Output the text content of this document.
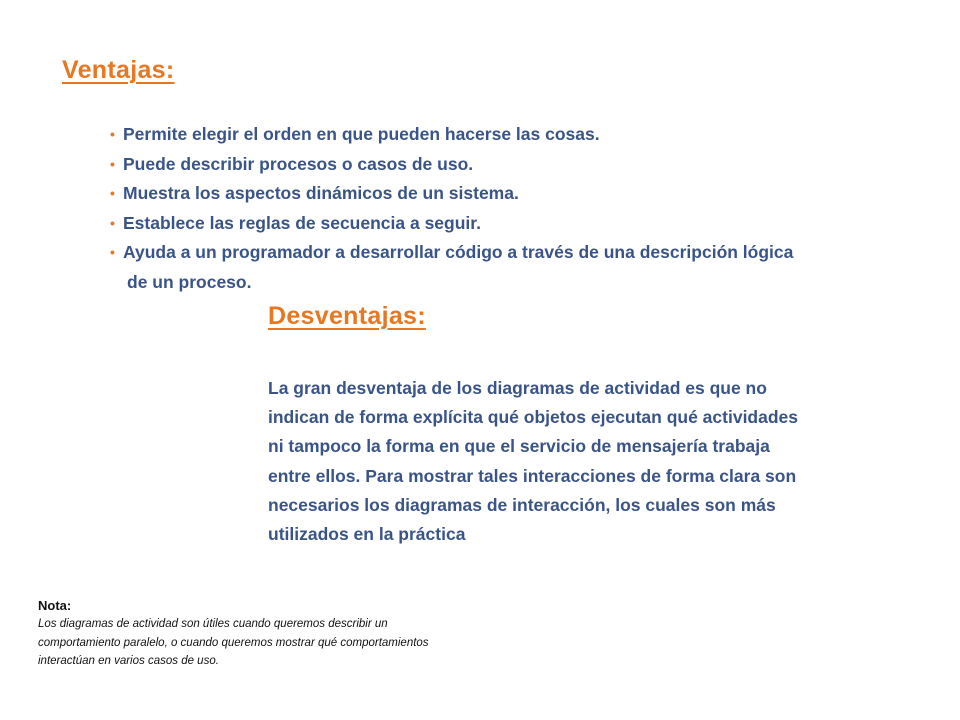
Ventajas:
• Permite elegir el orden en que pueden hacerse las cosas.
• Puede describir procesos o casos de uso.
• Muestra los aspectos dinámicos de un sistema.
• Establece las reglas de secuencia a seguir.
• Ayuda a un programador a desarrollar código a través de una descripción lógica
de un proceso.
Desventajas:
La gran desventaja de los diagramas de actividad es que no
indican de forma explícita qué objetos ejecutan qué actividades
ni tampoco la forma en que el servicio de mensajería trabaja
entre ellos. Para mostrar tales interacciones de forma clara son
necesarios los diagramas de interacción, los cuales son más
utilizados en la práctica
Nota:
Los diagramas de actividad son útiles cuando queremos describir un
comportamiento paralelo, o cuando queremos mostrar qué comportamientos
interactúan en varios casos de uso.
